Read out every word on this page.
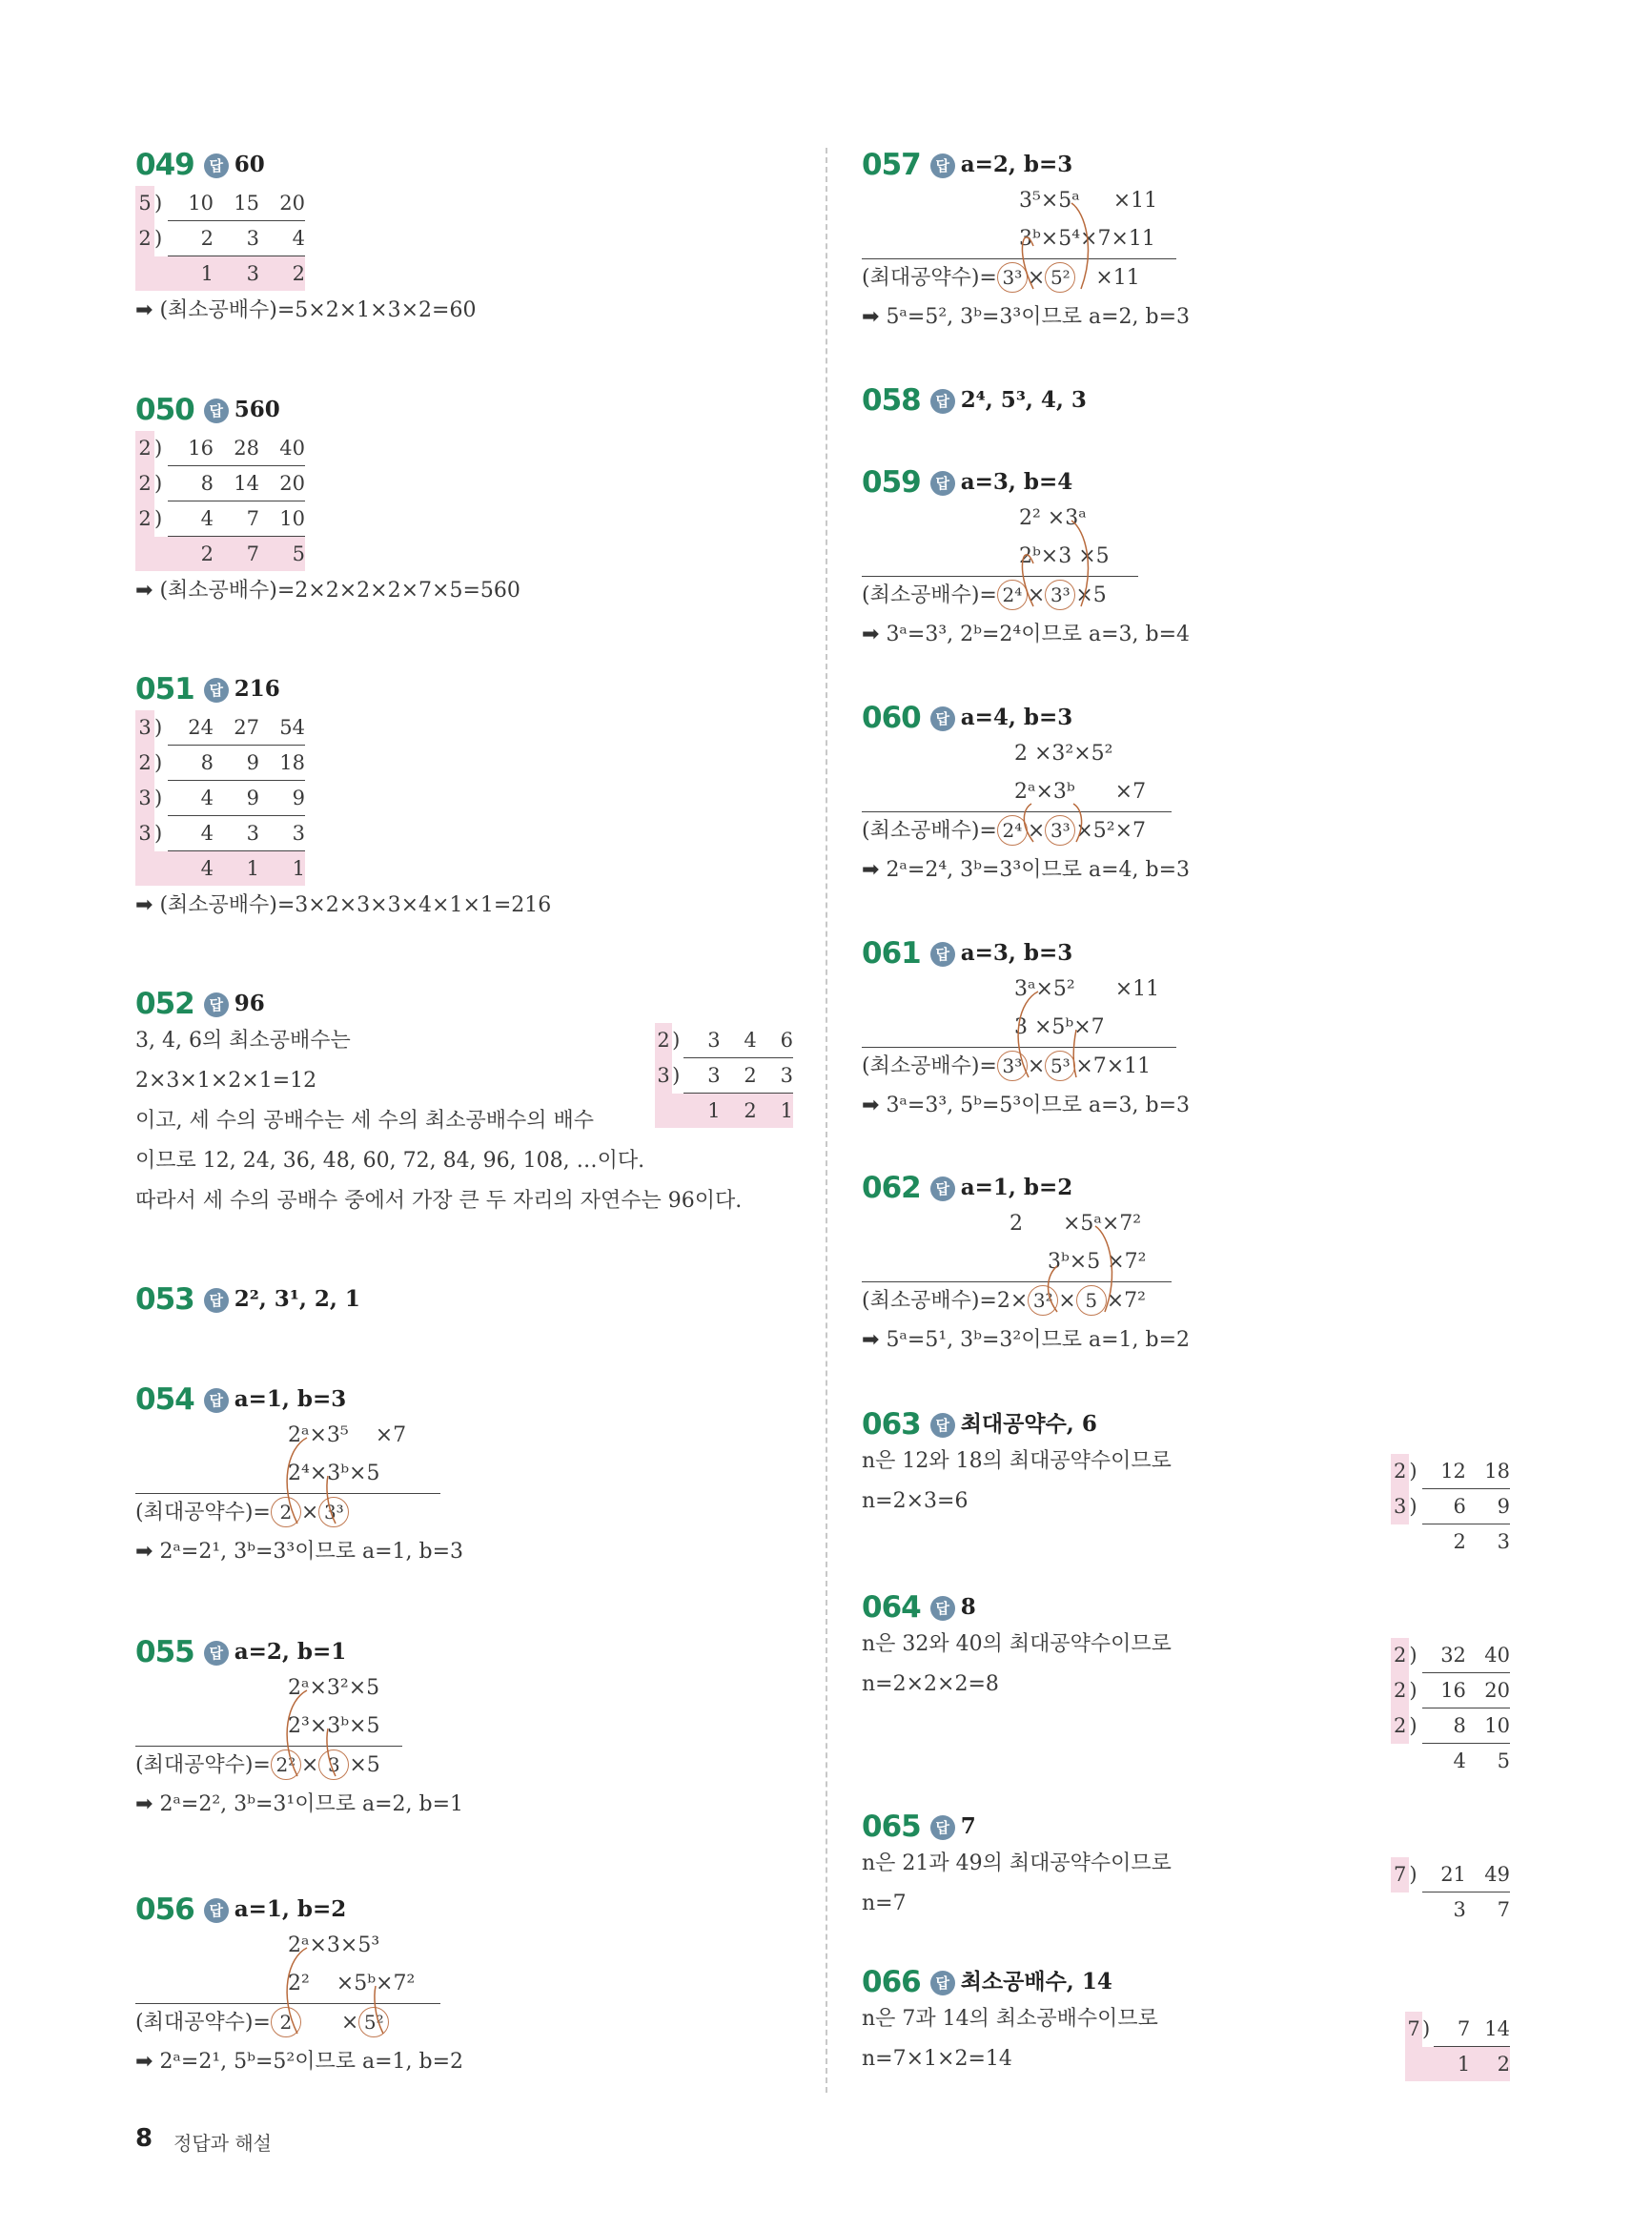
049 답 60
5	)	10	15	20
2	)	2	3	4
		1	3	2
➡ (최소공배수)=5×2×1×3×2=60
050 답 560
2	)	16	28	40
2	)	8	14	20
2	)	4	7	10
		2	7	5
➡ (최소공배수)=2×2×2×2×7×5=560
051 답 216
3	)	24	27	54
2	)	8	9	18
3	)	4	9	9
3	)	4	3	3
		4	1	1
➡ (최소공배수)=3×2×3×3×4×1×1=216
052 답 96
3, 4, 6의 최소공배수는
2×3×1×2×1=12
이고, 세 수의 공배수는 세 수의 최소공배수의 배수
이므로 12, 24, 36, 48, 60, 72, 84, 96, 108, …이다.
따라서 세 수의 공배수 중에서 가장 큰 두 자리의 자연수는 96이다.
2	)	3	4	6
3	)	3	2	3
		1	2	1
053 답 2², 3¹, 2, 1
054 답 a=1, b=3
2ᵃ×3⁵    ×7
2⁴×3ᵇ×5
(최대공약수)= 2 × 3³
➡ 2ᵃ=2¹, 3ᵇ=3³이므로 a=1, b=3
055 답 a=2, b=1
2ᵃ×3²×5
2³×3ᵇ×5
(최대공약수)= 2² × 3 ×5
➡ 2ᵃ=2², 3ᵇ=3¹이므로 a=2, b=1
056 답 a=1, b=2
2ᵃ×3×5³
2²    ×5ᵇ×7²
(최대공약수)= 2      × 5²
➡ 2ᵃ=2¹, 5ᵇ=5²이므로 a=1, b=2
057 답 a=2, b=3
3⁵×5ᵃ     ×11
3ᵇ×5⁴×7×11
(최대공약수)= 3³ × 5²   ×11
➡ 5ᵃ=5², 3ᵇ=3³이므로 a=2, b=3
058 답 2⁴, 5³, 4, 3
059 답 a=3, b=4
2² ×3ᵃ
2ᵇ×3 ×5
(최소공배수)= 2⁴ × 3³ ×5
➡ 3ᵃ=3³, 2ᵇ=2⁴이므로 a=3, b=4
060 답 a=4, b=3
2 ×3²×5²
2ᵃ×3ᵇ      ×7
(최소공배수)= 2⁴ × 3³ ×5²×7
➡ 2ᵃ=2⁴, 3ᵇ=3³이므로 a=4, b=3
061 답 a=3, b=3
3ᵃ×5²      ×11
3 ×5ᵇ×7
(최소공배수)= 3³ × 5³ ×7×11
➡ 3ᵃ=3³, 5ᵇ=5³이므로 a=3, b=3
062 답 a=1, b=2
2      ×5ᵃ×7²
3ᵇ×5 ×7²
(최소공배수)=2× 3² × 5 ×7²
➡ 5ᵃ=5¹, 3ᵇ=3²이므로 a=1, b=2
063 답 최대공약수, 6
n은 12와 18의 최대공약수이므로
n=2×3=6
2	)	12	18
3	)	6	9
		2	3
064 답 8
n은 32와 40의 최대공약수이므로
n=2×2×2=8
2	)	32	40
2	)	16	20
2	)	8	10
		4	5
065 답 7
n은 21과 49의 최대공약수이므로
n=7
7	)	21	49
		3	7
066 답 최소공배수, 14
n은 7과 14의 최소공배수이므로
n=7×1×2=14
7	)	7	14
		1	2
8 정답과 해설
